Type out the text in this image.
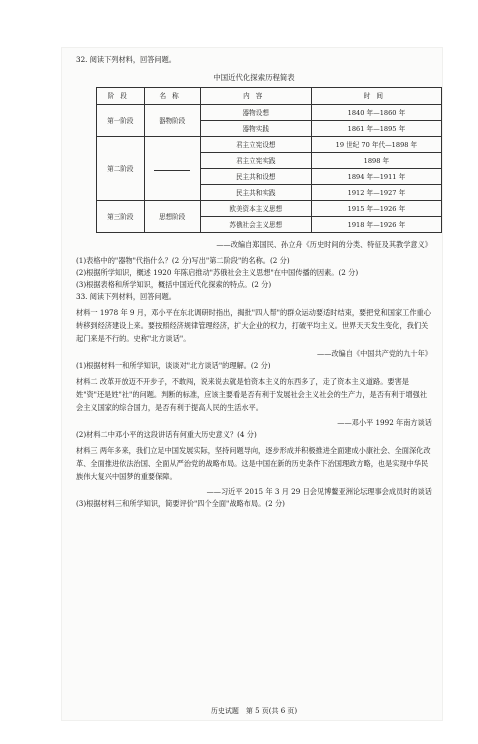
32. 阅读下列材料，回答问题。
中国近代化探索历程简表
阶段	名称	内容	时间
第一阶段	器物阶段	器物设想	1840 年—1860 年
		器物实践	1861 年—1895 年
第二阶段		君主立宪设想	19 世纪 70 年代—1898 年
		君主立宪实践	1898 年
		民主共和设想	1894 年—1911 年
		民主共和实践	1912 年—1927 年
第三阶段	思想阶段	欧美资本主义思想	1915 年—1926 年
		苏俄社会主义思想	1918 年—1926 年
——改编自郑国民、孙立舟《历史时间的分类、特征及其教学意义》
(1)表格中的"器物"代指什么？(2 分)写出"第二阶段"的名称。(2 分)
(2)根据所学知识，概述 1920 年陈启推动"苏俄社会主义思想"在中国传播的因素。(2 分)
(3)根据表格和所学知识，概括中国近代化探索的特点。(2 分)
33. 阅读下列材料，回答问题。
材料一 1978 年 9 月，邓小平在东北调研时指出，揭批"四人帮"的群众运动要适时结束，要把党和国家工作重心转移到经济建设上来。要按照经济规律管理经济，扩大企业的权力，打破平均主义。世界天天发生变化，我们关起门来是不行的。史称"北方谈话"。
——改编自《中国共产党的九十年》
(1)根据材料一和所学知识，谈谈对"北方谈话"的理解。(2 分)
材料二 改革开放迈不开步子，不敢闯，说来说去就是怕资本主义的东西多了，走了资本主义道路。要害是姓"资"还是姓"社"的问题。判断的标准，应该主要看是否有利于发展社会主义社会的生产力，是否有利于增强社会主义国家的综合国力，是否有利于提高人民的生活水平。
——邓小平 1992 年南方谈话
(2)材料二中邓小平的这段讲话有何重大历史意义？(4 分)
材料三 两年多来，我们立足中国发展实际，坚持问题导向，逐步形成并积极推进全面建成小康社会、全面深化改革、全面推进依法治国、全面从严治党的战略布局。这是中国在新的历史条件下治国理政方略，也是实现中华民族伟大复兴中国梦的重要保障。
——习近平 2015 年 3 月 29 日会见博鳌亚洲论坛理事会成员时的谈话
(3)根据材料三和所学知识，简要评价"四个全面"战略布局。(2 分)
历史试题　第 5 页(共 6 页)
